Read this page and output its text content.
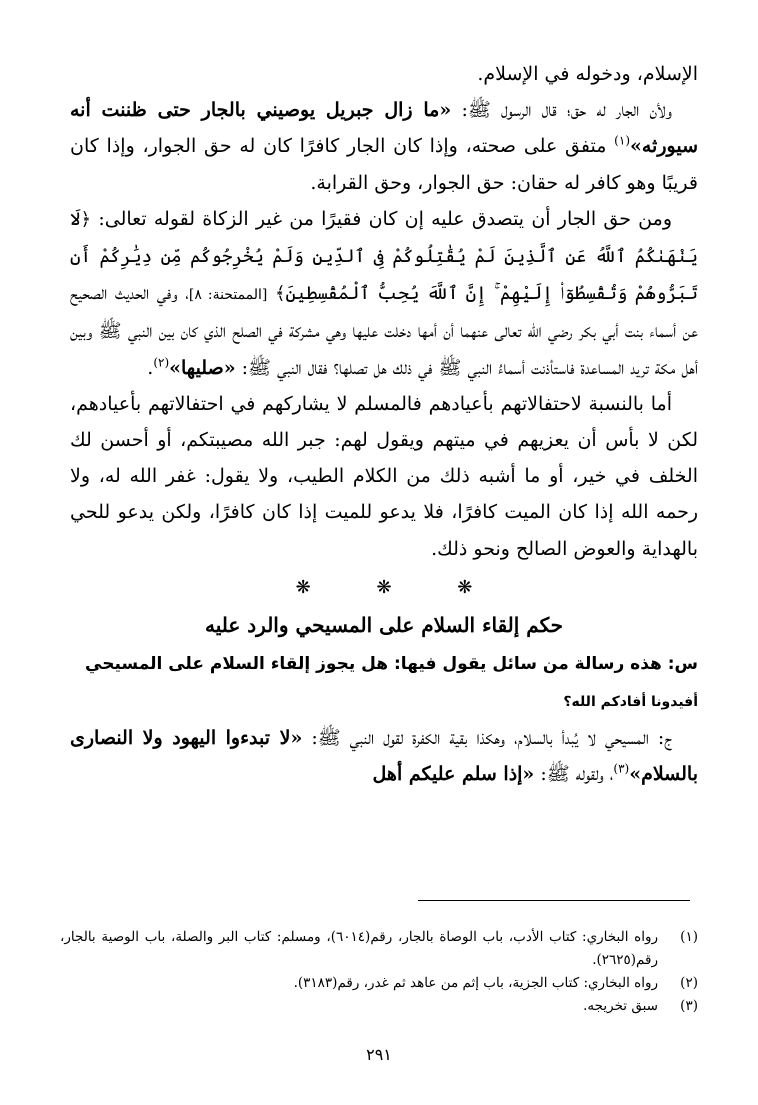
الإسلام، ودخوله في الإسلام.

ولأن الجار له حق؛ قال الرسول ﷺ: «ما زال جبريل يوصيني بالجار حتى ظننت أنه سيورثه»$^{(١)}$ متفق على صحته، وإذا كان الجار كافرًا كان له حق الجوار، وإذا كان قريبًا وهو كافر له حقان: حق الجوار، وحق القرابة.

ومن حق الجار أن يتصدق عليه إن كان فقيرًا من غير الزكاة لقوله تعالى: ﴿لَا يَنْهَىٰكُمُ ٱللَّهُ عَنِ ٱلَّذِينَ لَمْ يُقَٰتِلُوكُمْ فِى ٱلدِّينِ وَلَمْ يُخْرِجُوكُم مِّن دِيَٰرِكُمْ أَن تَبَرُّوهُمْ وَتُقْسِطُوٓا۟ إِلَيْهِمْ ۚ إِنَّ ٱللَّهَ يُحِبُّ ٱلْمُقْسِطِينَ﴾ [الممتحنة: ٨]، وفي الحديث الصحيح عن أسماء بنت أبي بكر رضي الله تعالى عنهما أن أمها دخلت عليها وهي مشركة في الصلح الذي كان بين النبي ﷺ وبين أهل مكة تريد المساعدة فاستأذنت أسماءُ النبي ﷺ في ذلك هل تصلها؟ فقال النبي ﷺ: «صليها»$^{(٢)}$.

أما بالنسبة لاحتفالاتهم بأعيادهم فالمسلم لا يشاركهم في احتفالاتهم بأعيادهم، لكن لا بأس أن يعزيهم في ميتهم ويقول لهم: جبر الله مصيبتكم، أو أحسن لك الخلف في خير، أو ما أشبه ذلك من الكلام الطيب، ولا يقول: غفر الله له، ولا رحمه الله إذا كان الميت كافرًا، فلا يدعو للميت إذا كان كافرًا، ولكن يدعو للحي بالهداية والعوض الصالح ونحو ذلك.

❋	❋	❋
حكم إلقاء السلام على المسيحي والرد عليه

س: هذه رسالة من سائل يقول فيها: هل يجوز إلقاء السلام على المسيحي
أفيدونا أفادكم الله؟

ج: المسيحي لا يُبدأ بالسلام، وهكذا بقية الكفرة لقول النبي ﷺ: «لا تبدءوا اليهود ولا النصارى بالسلام»$^{(٣)}$، ولقوله ﷺ: «إذا سلم عليكم أهل

(١)
رواه البخاري: كتاب الأدب، باب الوصاة بالجار، رقم(٦٠١٤)، ومسلم: كتاب البر والصلة، باب الوصية بالجار، رقم(٢٦٢٥).
(٢)
رواه البخاري: كتاب الجزية، باب إثم من عاهد ثم غدر، رقم(٣١٨٣).
(٣)
سبق تخريجه.
٢٩١
